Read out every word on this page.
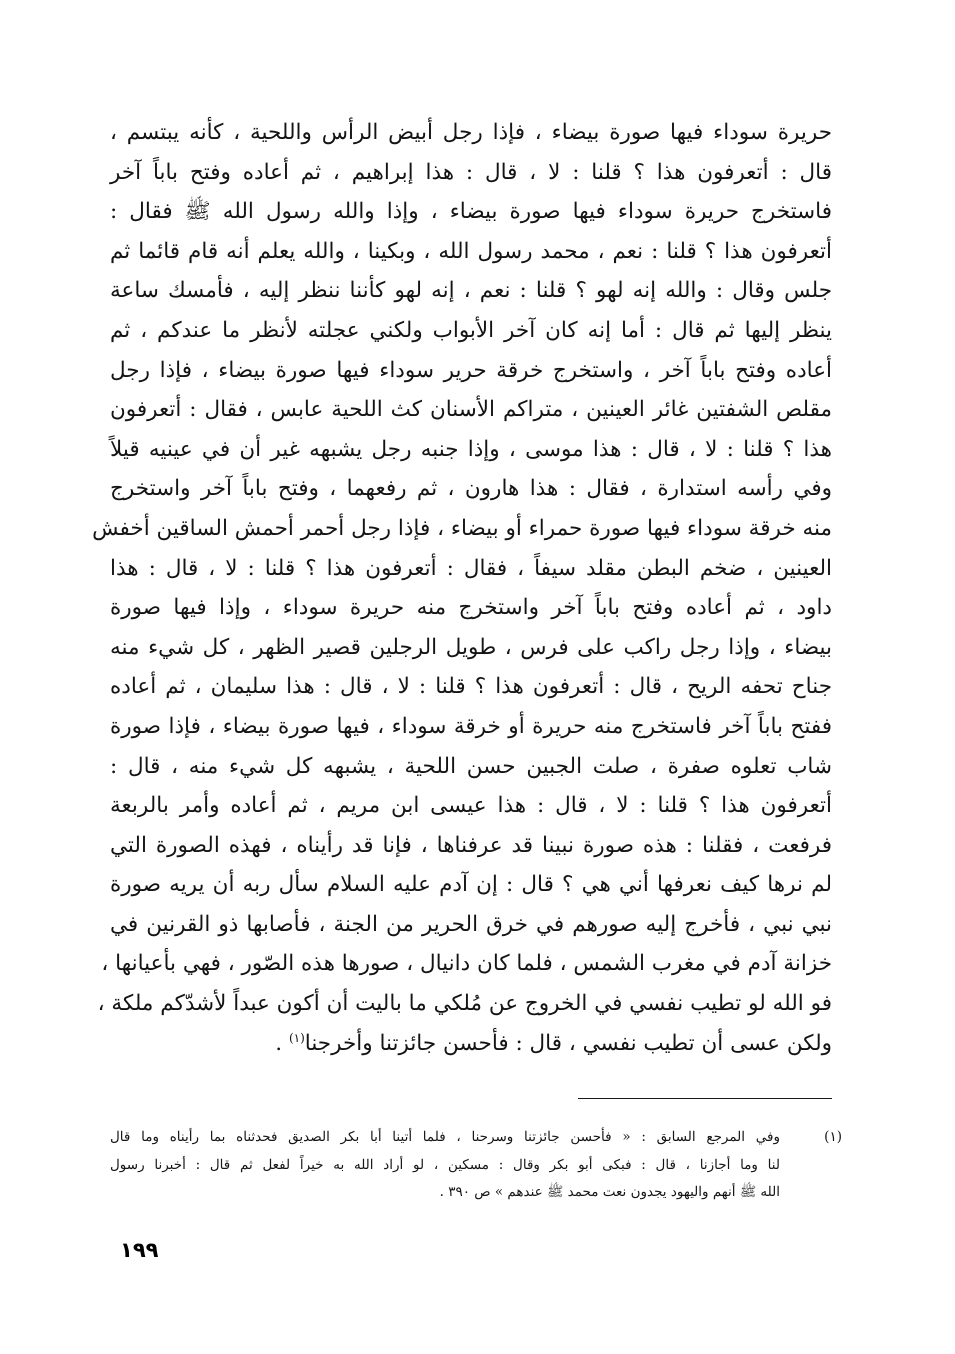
حريرة سوداء فيها صورة بيضاء ، فإذا رجل أبيض الرأس واللحية ، كأنه يبتسم ،
قال : أتعرفون هذا ؟ قلنا : لا ، قال : هذا إبراهيم ، ثم أعاده وفتح باباً آخر
فاستخرج حريرة سوداء فيها صورة بيضاء ، وإذا والله رسول الله ﷺ فقال :
أتعرفون هذا ؟ قلنا : نعم ، محمد رسول الله ، وبكينا ، والله يعلم أنه قام قائما ثم
جلس وقال : والله إنه لهو ؟ قلنا : نعم ، إنه لهو كأننا ننظر إليه ، فأمسك ساعة
ينظر إليها ثم قال : أما إنه كان آخر الأبواب ولكني عجلته لأنظر ما عندكم ، ثم
أعاده وفتح باباً آخر ، واستخرج خرقة حرير سوداء فيها صورة بيضاء ، فإذا رجل
مقلص الشفتين غائر العينين ، متراكم الأسنان كث اللحية عابس ، فقال : أتعرفون
هذا ؟ قلنا : لا ، قال : هذا موسى ، وإذا جنبه رجل يشبهه غير أن في عينيه قيلاً
وفي رأسه استدارة ، فقال : هذا هارون ، ثم رفعهما ، وفتح باباً آخر واستخرج
منه خرقة سوداء فيها صورة حمراء أو بيضاء ، فإذا رجل أحمر أحمش الساقين أخفش
العينين ، ضخم البطن مقلد سيفاً ، فقال : أتعرفون هذا ؟ قلنا : لا ، قال : هذا
داود ، ثم أعاده وفتح باباً آخر واستخرج منه حريرة سوداء ، وإذا فيها صورة
بيضاء ، وإذا رجل راكب على فرس ، طويل الرجلين قصير الظهر ، كل شيء منه
جناح تحفه الريح ، قال : أتعرفون هذا ؟ قلنا : لا ، قال : هذا سليمان ، ثم أعاده
ففتح باباً آخر فاستخرج منه حريرة أو خرقة سوداء ، فيها صورة بيضاء ، فإذا صورة
شاب تعلوه صفرة ، صلت الجبين حسن اللحية ، يشبهه كل شيء منه ، قال :
أتعرفون هذا ؟ قلنا : لا ، قال : هذا عيسى ابن مريم ، ثم أعاده وأمر بالربعة
فرفعت ، فقلنا : هذه صورة نبينا قد عرفناها ، فإنا قد رأيناه ، فهذه الصورة التي
لم نرها كيف نعرفها أني هي ؟ قال : إن آدم عليه السلام سأل ربه أن يريه صورة
نبي نبي ، فأخرج إليه صورهم في خرق الحرير من الجنة ، فأصابها ذو القرنين في
خزانة آدم في مغرب الشمس ، فلما كان دانيال ، صورها هذه الصّور ، فهي بأعيانها ،
فو الله لو تطيب نفسي في الخروج عن مُلكي ما باليت أن أكون عبداً لأشدّكم ملكة ،
ولكن عسى أن تطيب نفسي ، قال : فأحسن جائزتنا وأخرجنا$^{(١)}$ .
(١)
وفي المرجع السابق : « فأحسن جائزتنا وسرحنا ، فلما أتينا أبا بكر الصديق فحدثناه بما رأيناه وما قال
لنا وما أجازنا ، قال : فبكى أبو بكر وقال : مسكين ، لو أراد الله به خيراً لفعل ثم قال : أخبرنا رسول
الله ﷺ أنهم واليهود يجدون نعت محمد ﷺ عندهم » ص ٣٩٠ .
١٩٩
